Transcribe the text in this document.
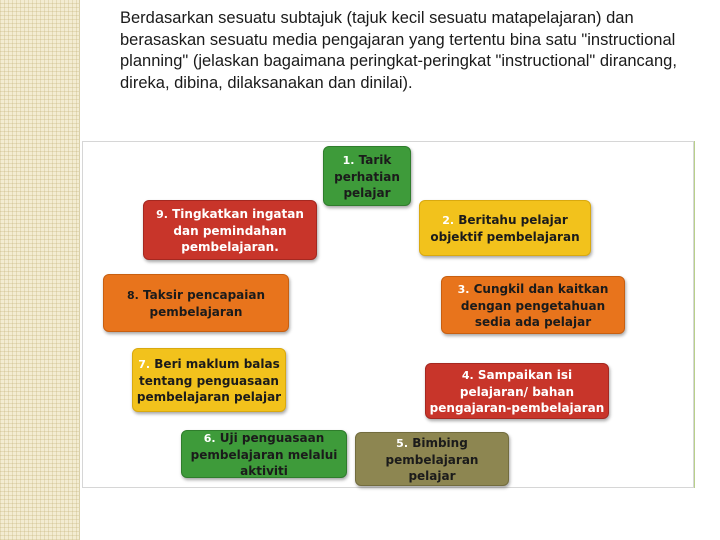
Berdasarkan sesuatu subtajuk (tajuk kecil sesuatu matapelajaran) dan berasaskan sesuatu media pengajaran yang tertentu bina satu "instructional planning" (jelaskan bagaimana peringkat-peringkat "instructional" dirancang, direka, dibina, dilaksanakan dan dinilai).

1. Tarik
perhatian
pelajar
2. Beritahu pelajar
objektif pembelajaran
3. Cungkil dan kaitkan
dengan pengetahuan
sedia ada pelajar
4. Sampaikan isi
pelajaran/ bahan
pengajaran-pembelajaran
5. Bimbing
pembelajaran
pelajar
6. Uji penguasaan
pembelajaran melalui
aktiviti
7. Beri maklum balas
tentang penguasaan
pembelajaran pelajar
8. Taksir pencapaian
pembelajaran
9. Tingkatkan ingatan
dan pemindahan
pembelajaran.
